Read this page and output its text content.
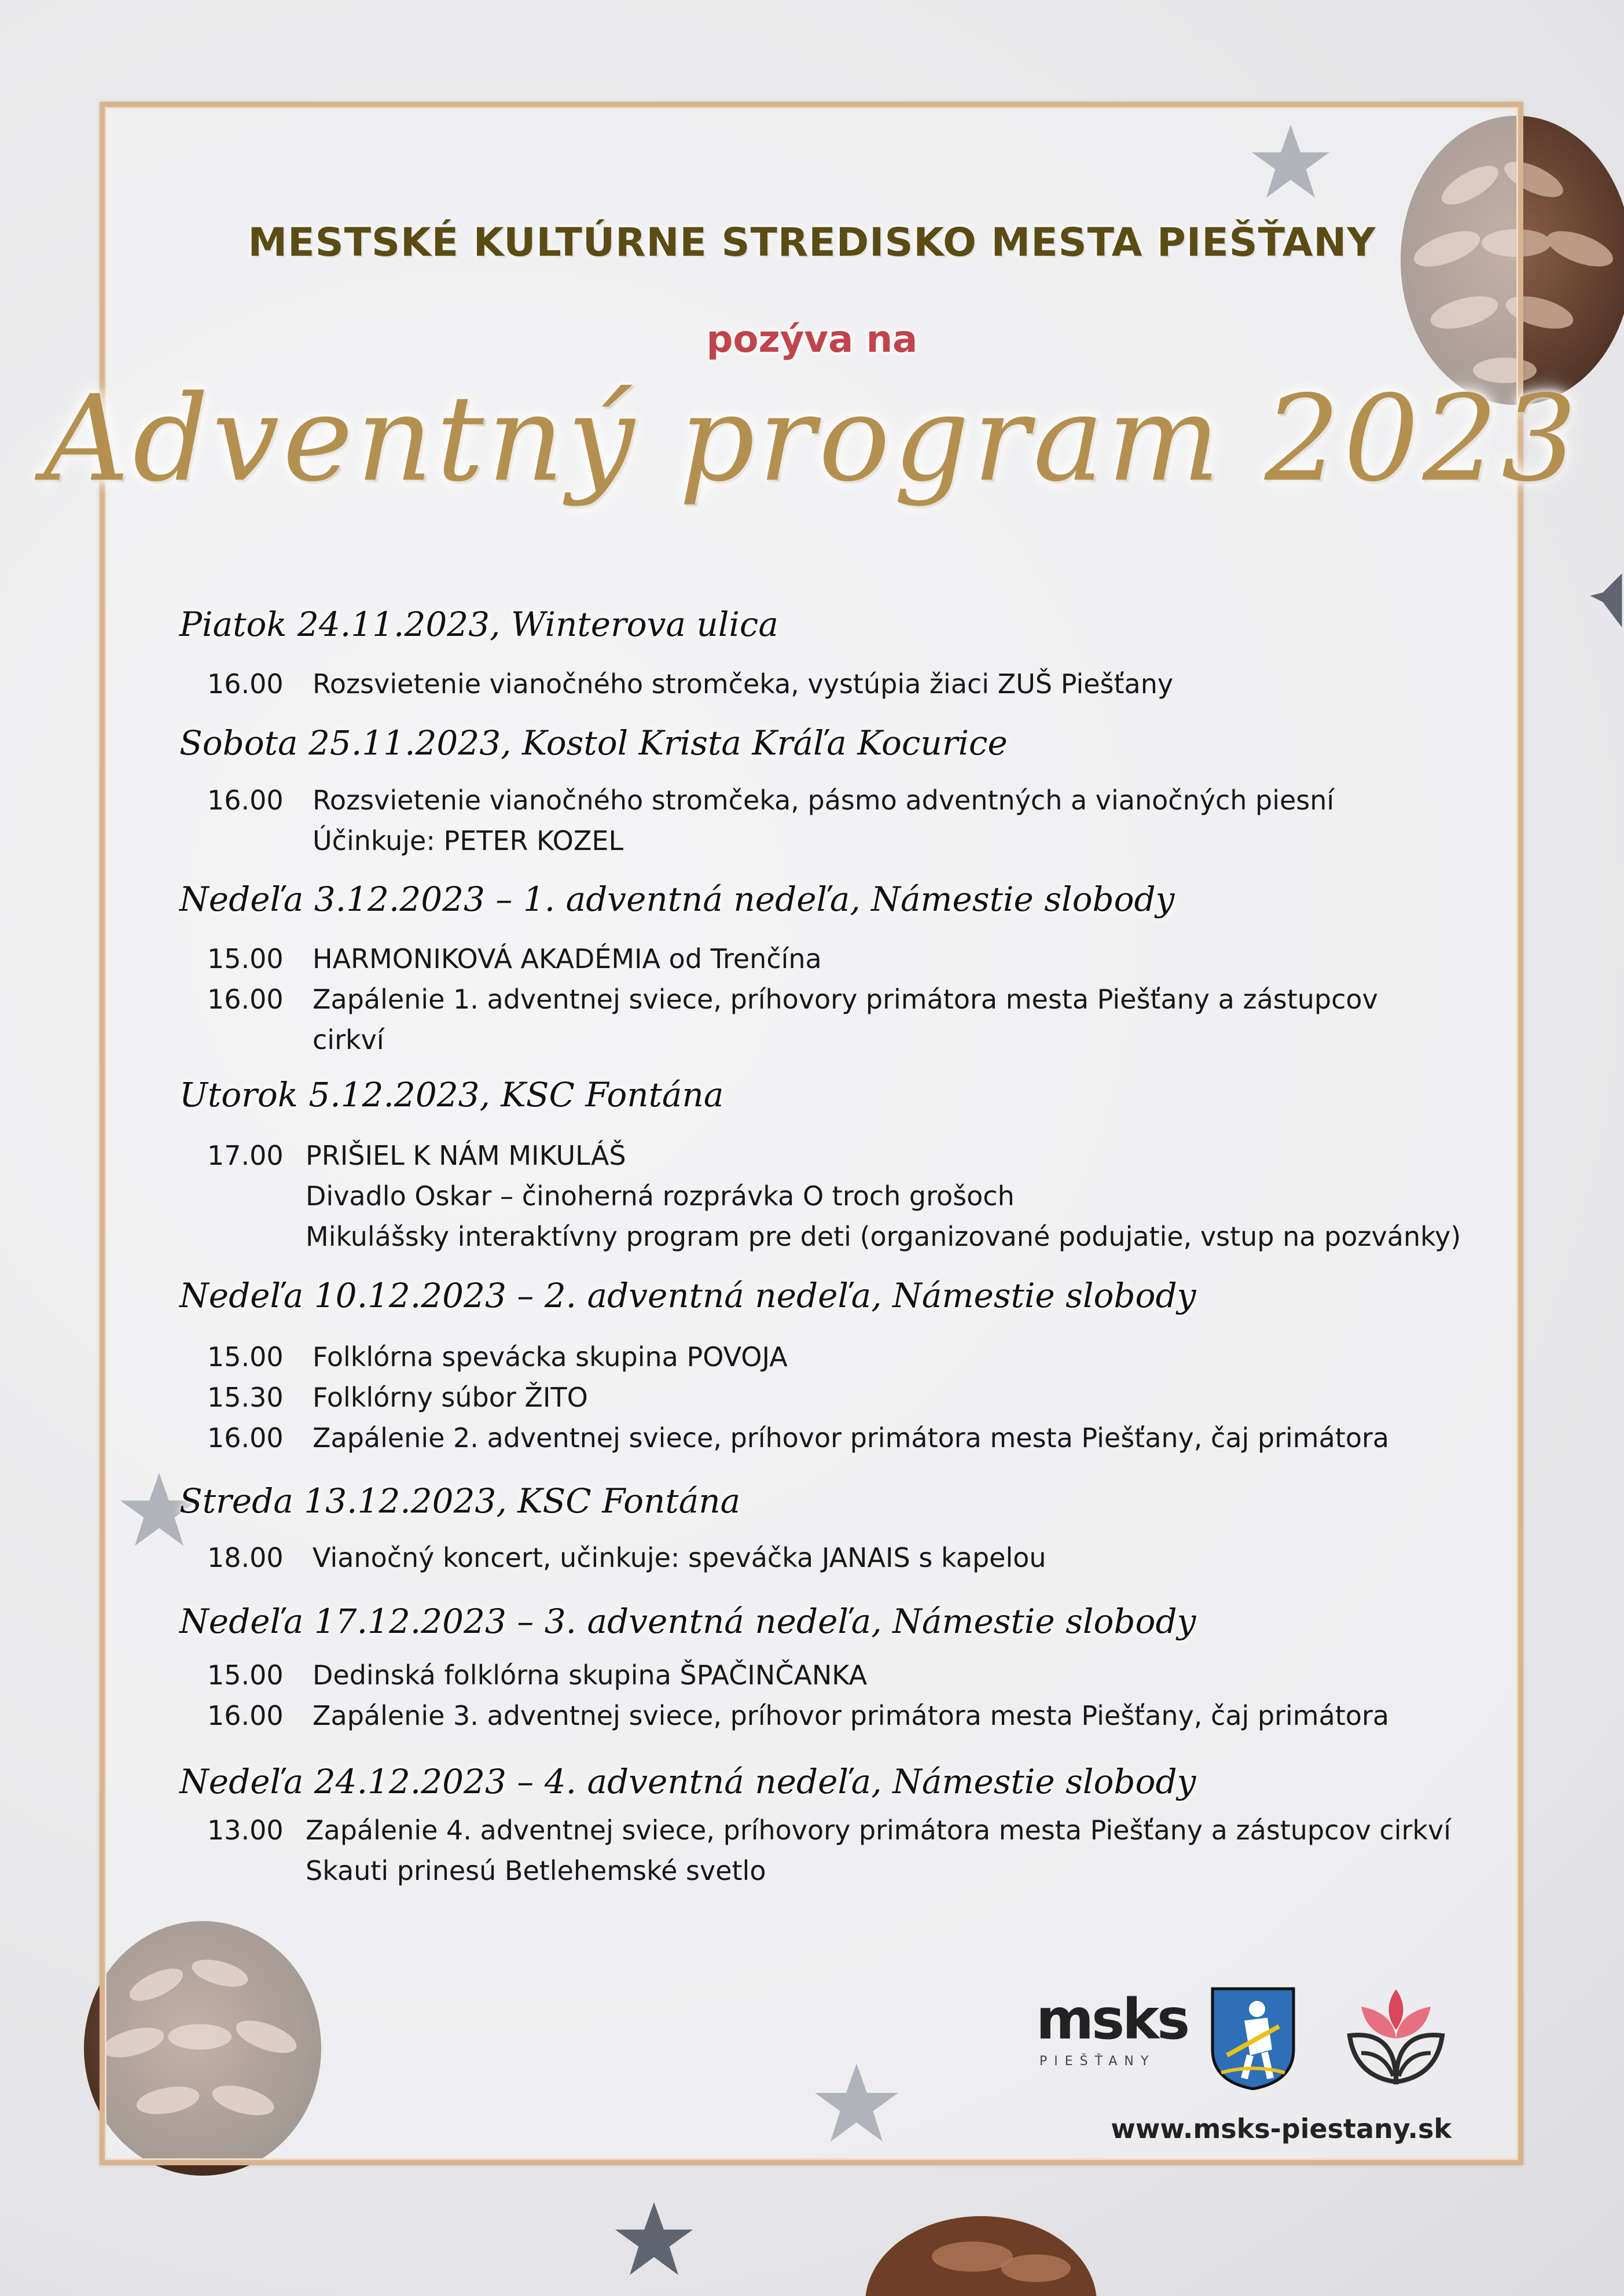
MESTSKÉ KULTÚRNE STREDISKO MESTA PIEŠŤANY
pozýva na
Adventný program 2023
Piatok 24.11.2023, Winterova ulica
16.00 Rozsvietenie vianočného stromčeka, vystúpia žiaci ZUŠ Piešťany
Sobota 25.11.2023, Kostol Krista Kráľa Kocurice
16.00 Rozsvietenie vianočného stromčeka, pásmo adventných a vianočných piesní
Účinkuje: PETER KOZEL
Nedeľa 3.12.2023 – 1. adventná nedeľa, Námestie slobody
15.00 HARMONIKOVÁ AKADÉMIA od Trenčína
16.00 Zapálenie 1. adventnej sviece, príhovory primátora mesta Piešťany a zástupcov
cirkví
Utorok 5.12.2023, KSC Fontána
17.00 PRIŠIEL K NÁM MIKULÁŠ
Divadlo Oskar – činoherná rozprávka O troch grošoch
Mikulášsky interaktívny program pre deti (organizované podujatie, vstup na pozvánky)
Nedeľa 10.12.2023 – 2. adventná nedeľa, Námestie slobody
15.00 Folklórna spevácka skupina POVOJA
15.30 Folklórny súbor ŽITO
16.00 Zapálenie 2. adventnej sviece, príhovor primátora mesta Piešťany, čaj primátora
Streda 13.12.2023, KSC Fontána
18.00 Vianočný koncert, učinkuje: speváčka JANAIS s kapelou
Nedeľa 17.12.2023 – 3. adventná nedeľa, Námestie slobody
15.00 Dedinská folklórna skupina ŠPAČINČANKA
16.00 Zapálenie 3. adventnej sviece, príhovor primátora mesta Piešťany, čaj primátora
Nedeľa 24.12.2023 – 4. adventná nedeľa, Námestie slobody
13.00 Zapálenie 4. adventnej sviece, príhovory primátora mesta Piešťany a zástupcov cirkví
Skauti prinesú Betlehemské svetlo
msks
PIEŠŤANY
www.msks-piestany.sk
